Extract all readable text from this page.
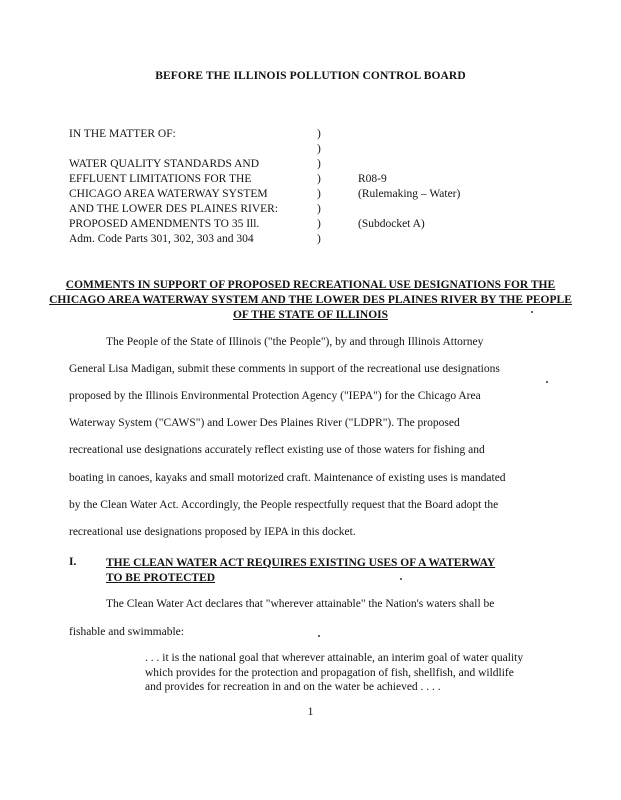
BEFORE THE ILLINOIS POLLUTION CONTROL BOARD
IN THE MATTER OF:
WATER QUALITY STANDARDS AND
EFFLUENT LIMITATIONS FOR THE
CHICAGO AREA WATERWAY SYSTEM
AND THE LOWER DES PLAINES RIVER:
PROPOSED AMENDMENTS TO 35 Ill.
Adm. Code Parts 301, 302, 303 and 304
)
)
)
)
)
)
)
)
R08-9
(Rulemaking – Water)
(Subdocket A)
COMMENTS IN SUPPORT OF PROPOSED RECREATIONAL USE DESIGNATIONS FOR THE CHICAGO AREA WATERWAY SYSTEM AND THE LOWER DES PLAINES RIVER BY THE PEOPLE OF THE STATE OF ILLINOIS
The People of the State of Illinois ("the People"), by and through Illinois Attorney
General Lisa Madigan, submit these comments in support of the recreational use designations
proposed by the Illinois Environmental Protection Agency ("IEPA") for the Chicago Area
Waterway System ("CAWS") and Lower Des Plaines River ("LDPR"). The proposed
recreational use designations accurately reflect existing use of those waters for fishing and
boating in canoes, kayaks and small motorized craft. Maintenance of existing uses is mandated
by the Clean Water Act. Accordingly, the People respectfully request that the Board adopt the
recreational use designations proposed by IEPA in this docket.
I.	THE CLEAN WATER ACT REQUIRES EXISTING USES OF A WATERWAY
TO BE PROTECTED
The Clean Water Act declares that "wherever attainable" the Nation's waters shall be
fishable and swimmable:
. . . it is the national goal that wherever attainable, an interim goal of water quality
which provides for the protection and propagation of fish, shellfish, and wildlife
and provides for recreation in and on the water be achieved . . . .
1
